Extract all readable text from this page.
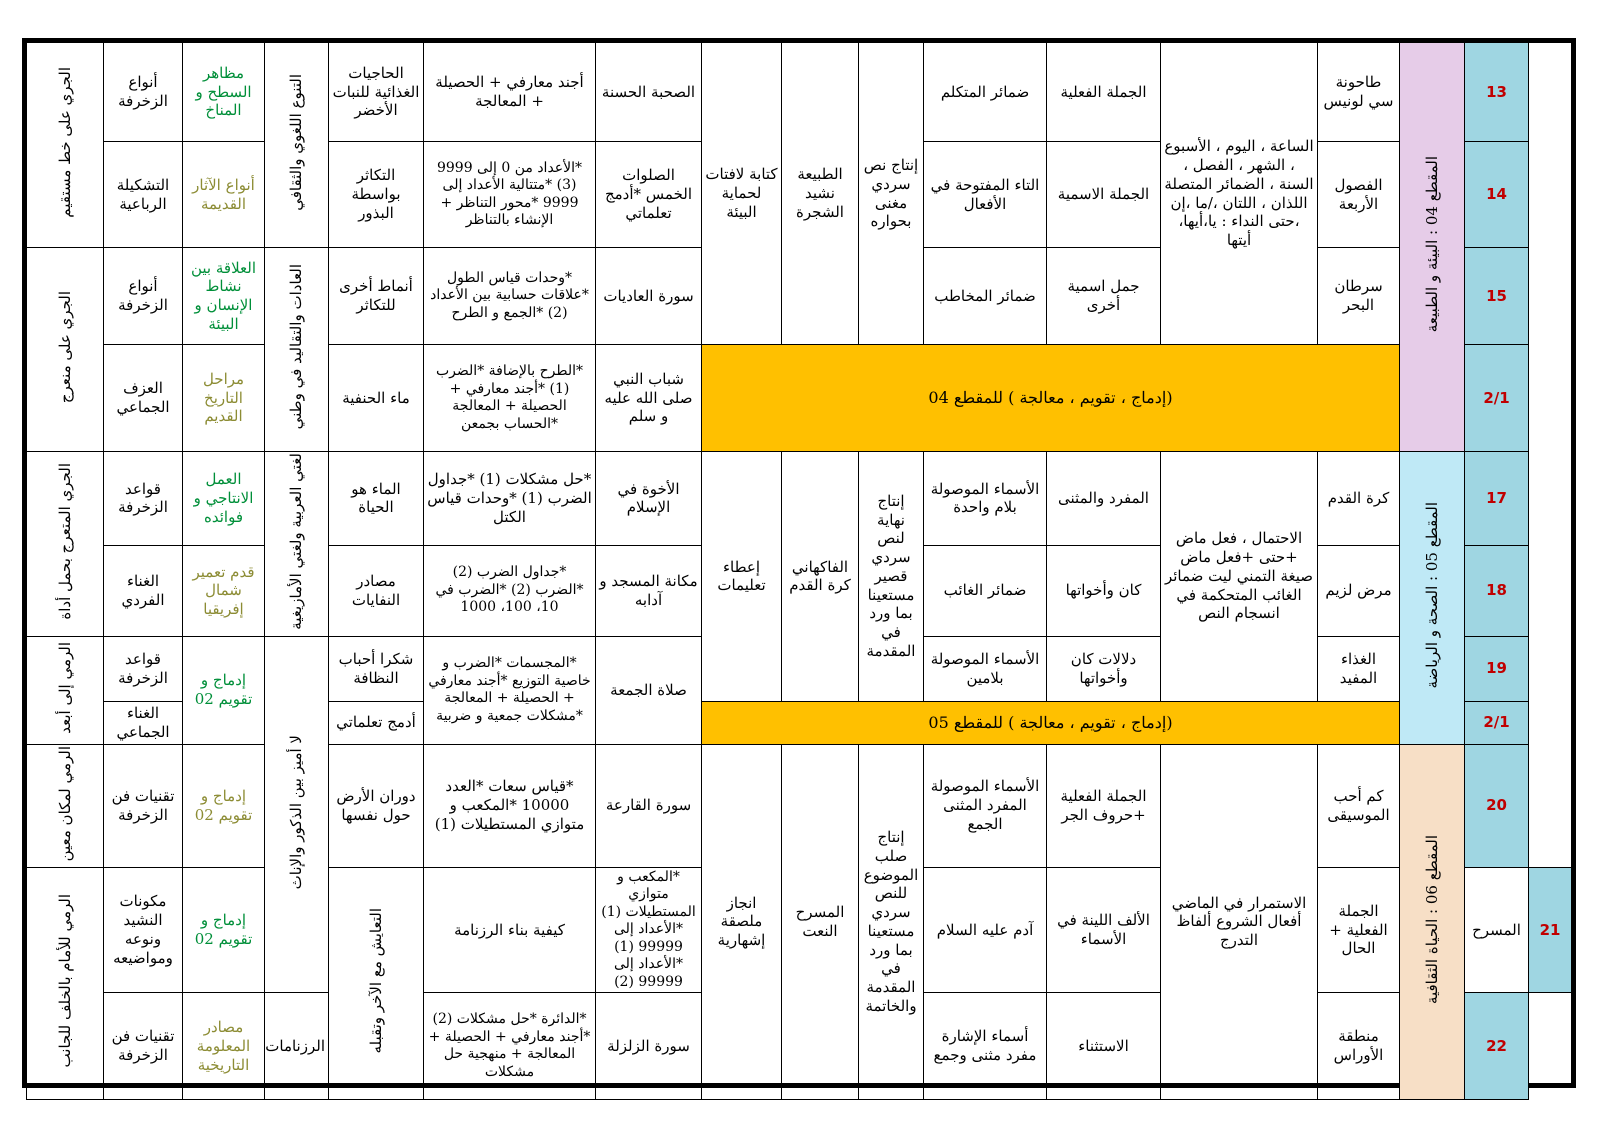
الجري على خط مستقيم	أنواع الزخرفة	مظاهر السطح و المناخ	التنوع اللغوي والثقافي	الحاجيات الغذائية للنبات الأخضر	أجند معارفي + الحصيلة + المعالجة	الصحبة الحسنة	كتابة لافتات لحماية البيئة	الطبيعة نشيد الشجرة	إنتاج نص سردي مغنى بحواره	ضمائر المتكلم	الجملة الفعلية	الساعة ، اليوم ، الأسبوع ، الشهر ، الفصل ، السنة ، الضمائر المتصلة اللذان ، اللتان ،/ما ،إن ،حتى النداء : يا،أيها، أيتها	طاحونة سي لونيس	المقطع 04 : البيئة و الطبيعة	13	
	التشكيلة الرباعية	أنواع الآثار القديمة		التكاثر بواسطة البذور	*الأعداد من 0 إلى 9999 (3) *متتالية الأعداد إلى 9999 *محور التناظر + الإنشاء بالتناظر	الصلوات الخمس *أدمج تعلماتي				التاء المفتوحة في الأفعال	الجملة الاسمية		الفصول الأربعة		14	
الجري على منعرج	أنواع الزخرفة	العلاقة بين نشاط الإنسان و البيئة	العادات والتقاليد في وطني	أنماط أخرى للتكاثر	*وحدات قياس الطول *علاقات حسابية بين الأعداد (2) *الجمع و الطرح	سورة العاديات				ضمائر المخاطب	جمل اسمية أخرى		سرطان البحر		15	
	العزف الجماعي	مراحل التاريخ القديم		ماء الحنفية	*الطرح بالإضافة *الضرب (1) *أجند معارفي + الحصيلة + المعالجة *الحساب بجمعن	شباب النبي صلى الله عليه و سلم	(إدماج ، تقويم ، معالجة ) للمقطع 04								2/1	
الجري المتعرج بحمل أداة	قواعد الزخرفة	العمل الانتاجي و فوائده	لغتي العربية ولغتي الأمازيغية	الماء هو الحياة	*حل مشكلات (1) *جداول الضرب (1) *وحدات قياس الكتل	الأخوة في الإسلام	إعطاء تعليمات	الفاكهاني كرة القدم	إنتاج نهاية لنص سردي قصير مستعينا بما ورد في المقدمة	الأسماء الموصولة بلام واحدة	المفرد والمثنى	الاحتمال ، فعل ماض +حتى +فعل ماض صيغة التمني ليت ضمائر الغائب المتحكمة في انسجام النص	كرة القدم	المقطع 05 : الصحة و الرياضة	17	
	الغناء الفردي	قدم تعمير شمال إفريقيا		مصادر النفايات	*جداول الضرب (2) *الضرب (2) *الضرب في 10، 100، 1000	مكانة المسجد و آدابه				ضمائر الغائب	كان وأخواتها		مرض لزيم		18	
الرمي إلى أبعد	قواعد الزخرفة	إدماج و تقويم 02	لا أميز بين الذكور والإناث	شكرا أحباب النظافة	*المجسمات *الضرب و خاصية التوزيع *أجند معارفي + الحصيلة + المعالجة *مشكلات جمعية و ضربية	صلاة الجمعة				الأسماء الموصولة بلامين	دلالات كان وأخواتها		الغذاء المفيد		19	
	الغناء الجماعي			أدمج تعلماتي			(إدماج ، تقويم ، معالجة ) للمقطع 05								2/1	
الرمي لمكان معين	تقنيات فن الزخرفة	إدماج و تقويم 02		دوران الأرض حول نفسها	*قياس سعات *العدد 10000 *المكعب و متوازي المستطيلات (1)	سورة القارعة	انجاز ملصقة إشهارية	المسرح النعت	إنتاج صلب الموضوع للنص سردي مستعينا بما ورد في المقدمة والخاتمة	الأسماء الموصولة المفرد المثنى الجمع	الجملة الفعلية +حروف الجر	الاستمرار في الماضي أفعال الشروع ألفاظ التدرج	كم أحب الموسيقى	المقطع 06 : الحياة الثقافية	20	
الرمي للأمام بالخلف للجانب	مكونات النشيد ونوعه ومواضيعه	إدماج و تقويم 02		التعايش مع الآخر وتقبله	كيفية بناء الرزنامة	*المكعب و متوازي المستطيلات (1) *الأعداد إلى 99999 (1) *الأعداد إلى 99999 (2)				آدم عليه السلام	الألف اللينة في الأسماء		الجملة الفعلية + الحال		المسرح	21
	تقنيات فن الزخرفة	مصادر المعلومة التاريخية	الرزنامات		*الدائرة *حل مشكلات (2) *أجند معارفي + الحصيلة + المعالجة + منهجية حل مشكلات	سورة الزلزلة				أسماء الإشارة مفرد مثنى وجمع	الاستثناء		منطقة الأوراس		22	
